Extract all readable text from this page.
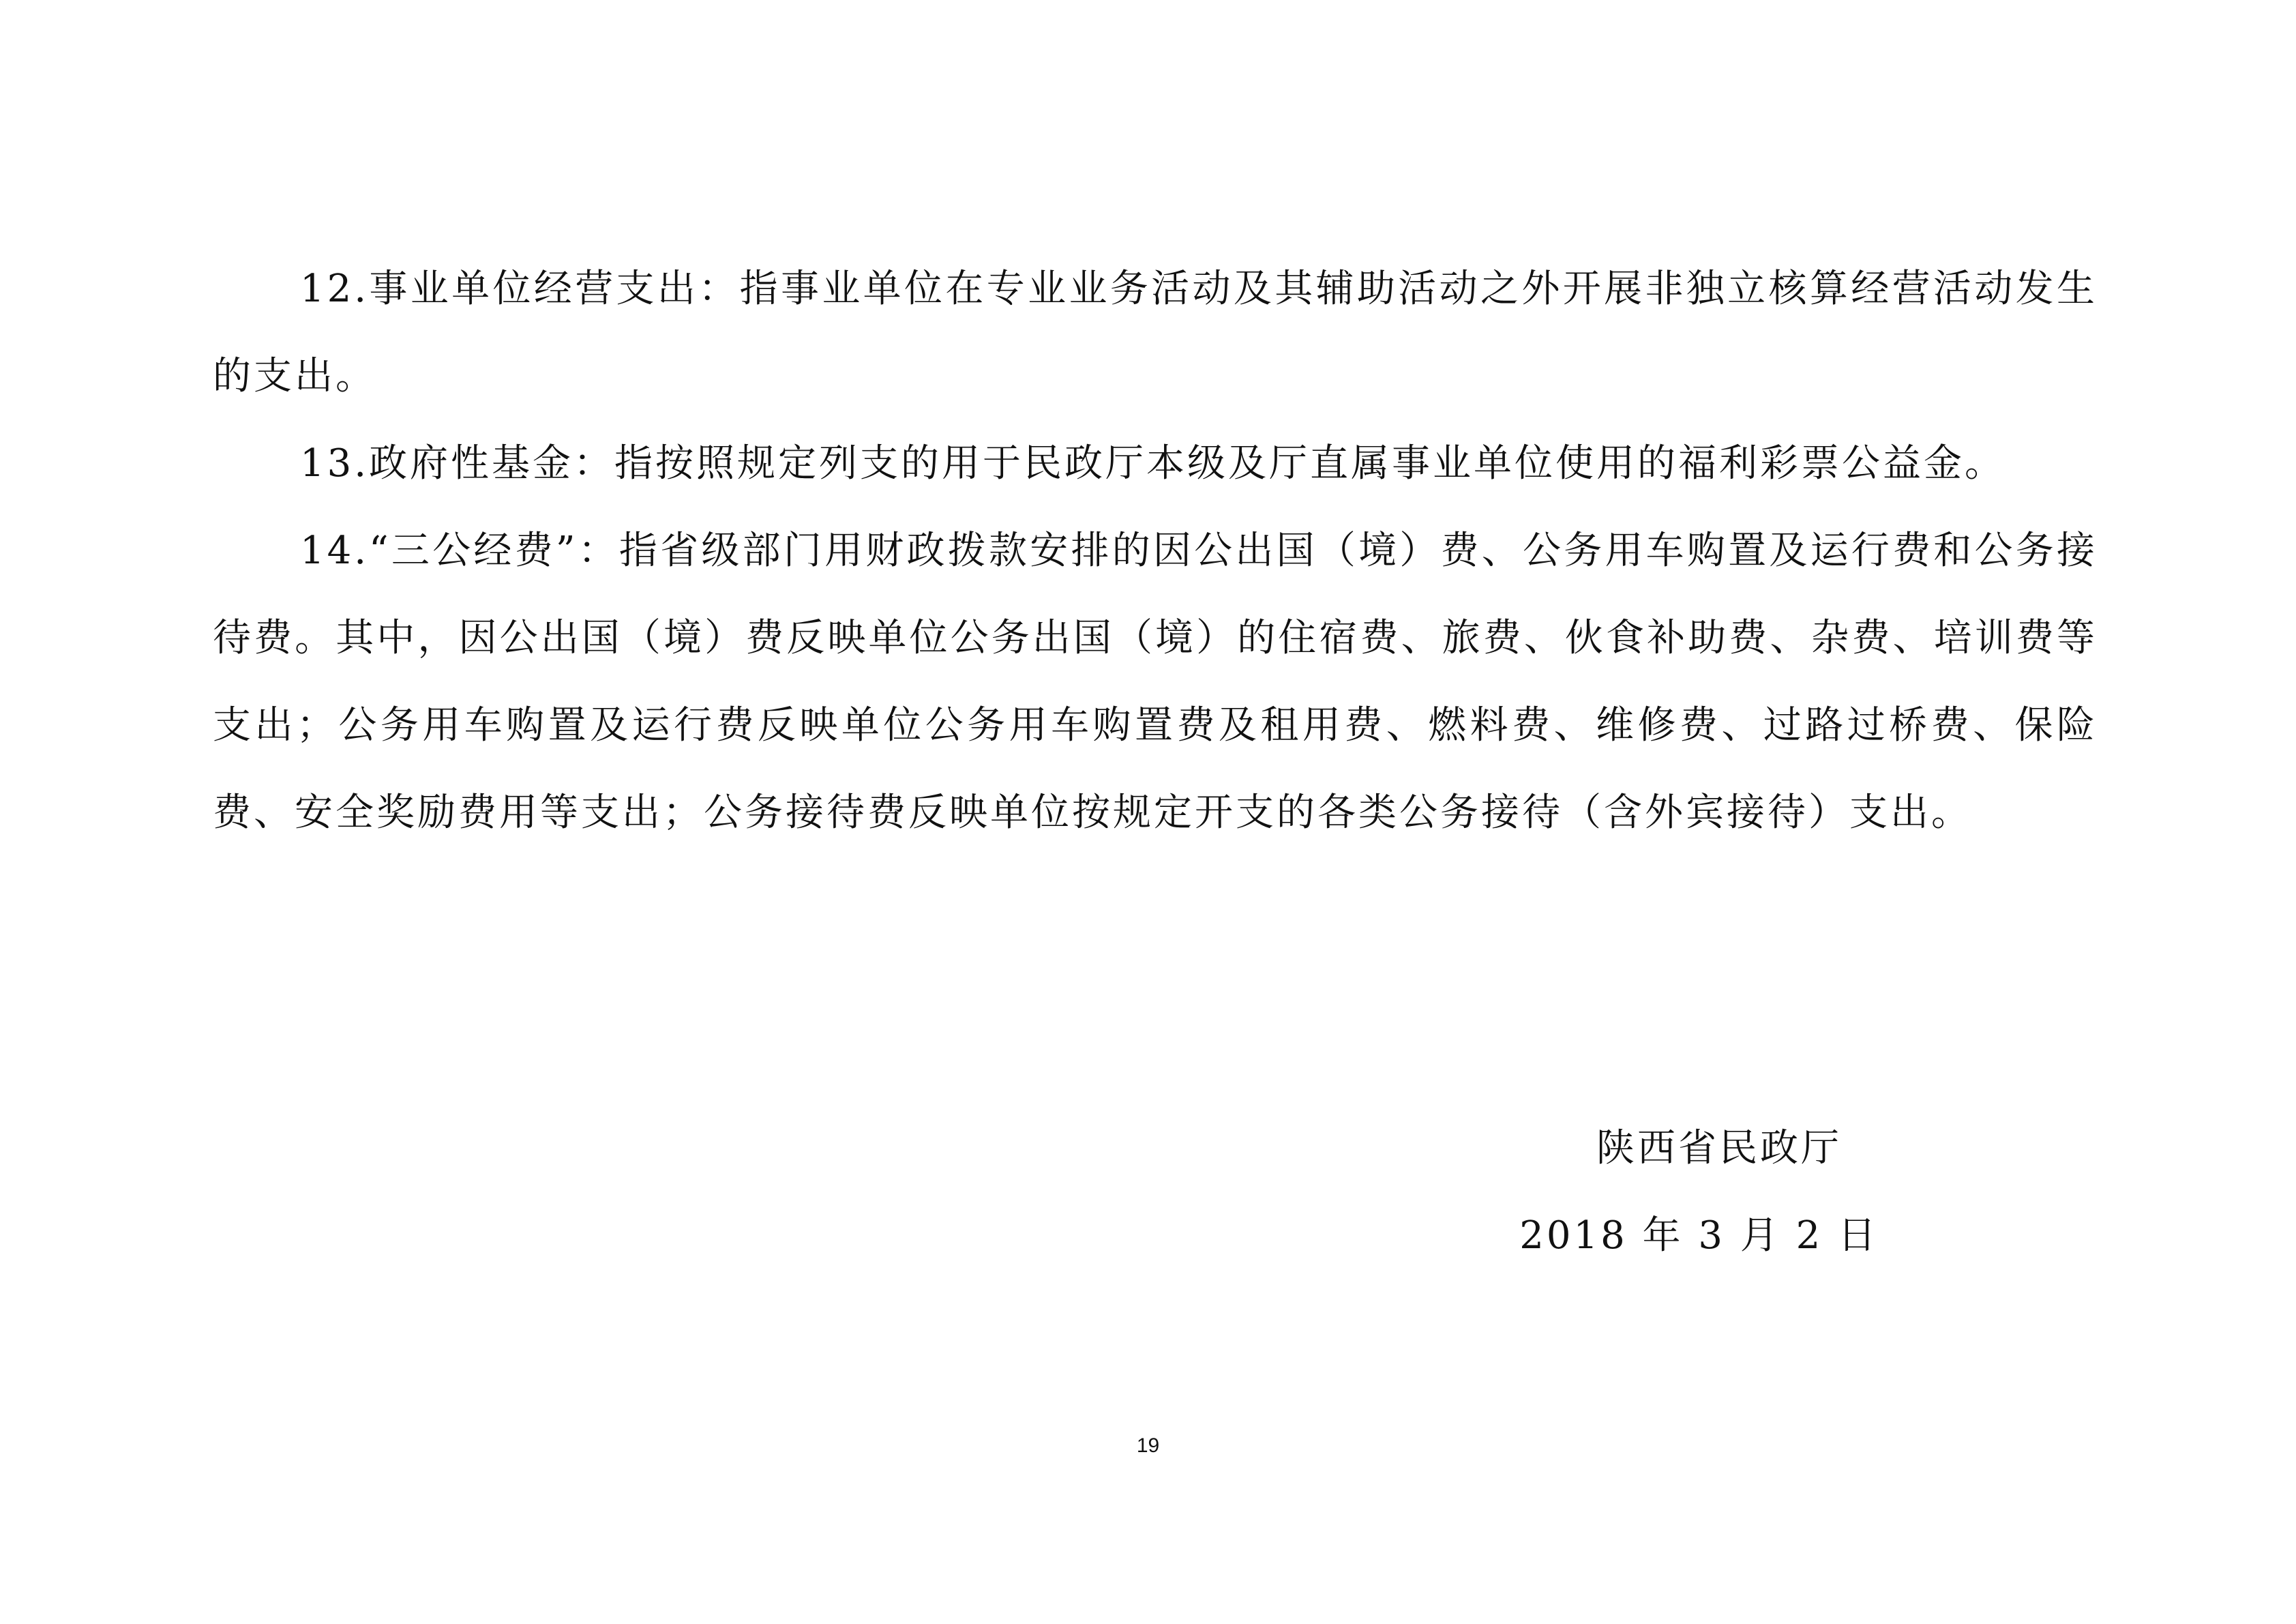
12.事业单位经营支出：指事业单位在专业业务活动及其辅助活动之外开展非独立核算经营活动发生的支出。

13.政府性基金：指按照规定列支的用于民政厅本级及厅直属事业单位使用的福利彩票公益金。

14.“三公经费”：指省级部门用财政拨款安排的因公出国（境）费、公务用车购置及运行费和公务接待费。其中，因公出国（境）费反映单位公务出国（境）的住宿费、旅费、伙食补助费、杂费、培训费等支出；公务用车购置及运行费反映单位公务用车购置费及租用费、燃料费、维修费、过路过桥费、保险费、安全奖励费用等支出；公务接待费反映单位按规定开支的各类公务接待（含外宾接待）支出。

陕西省民政厅
2018 年 3 月 2 日
19
